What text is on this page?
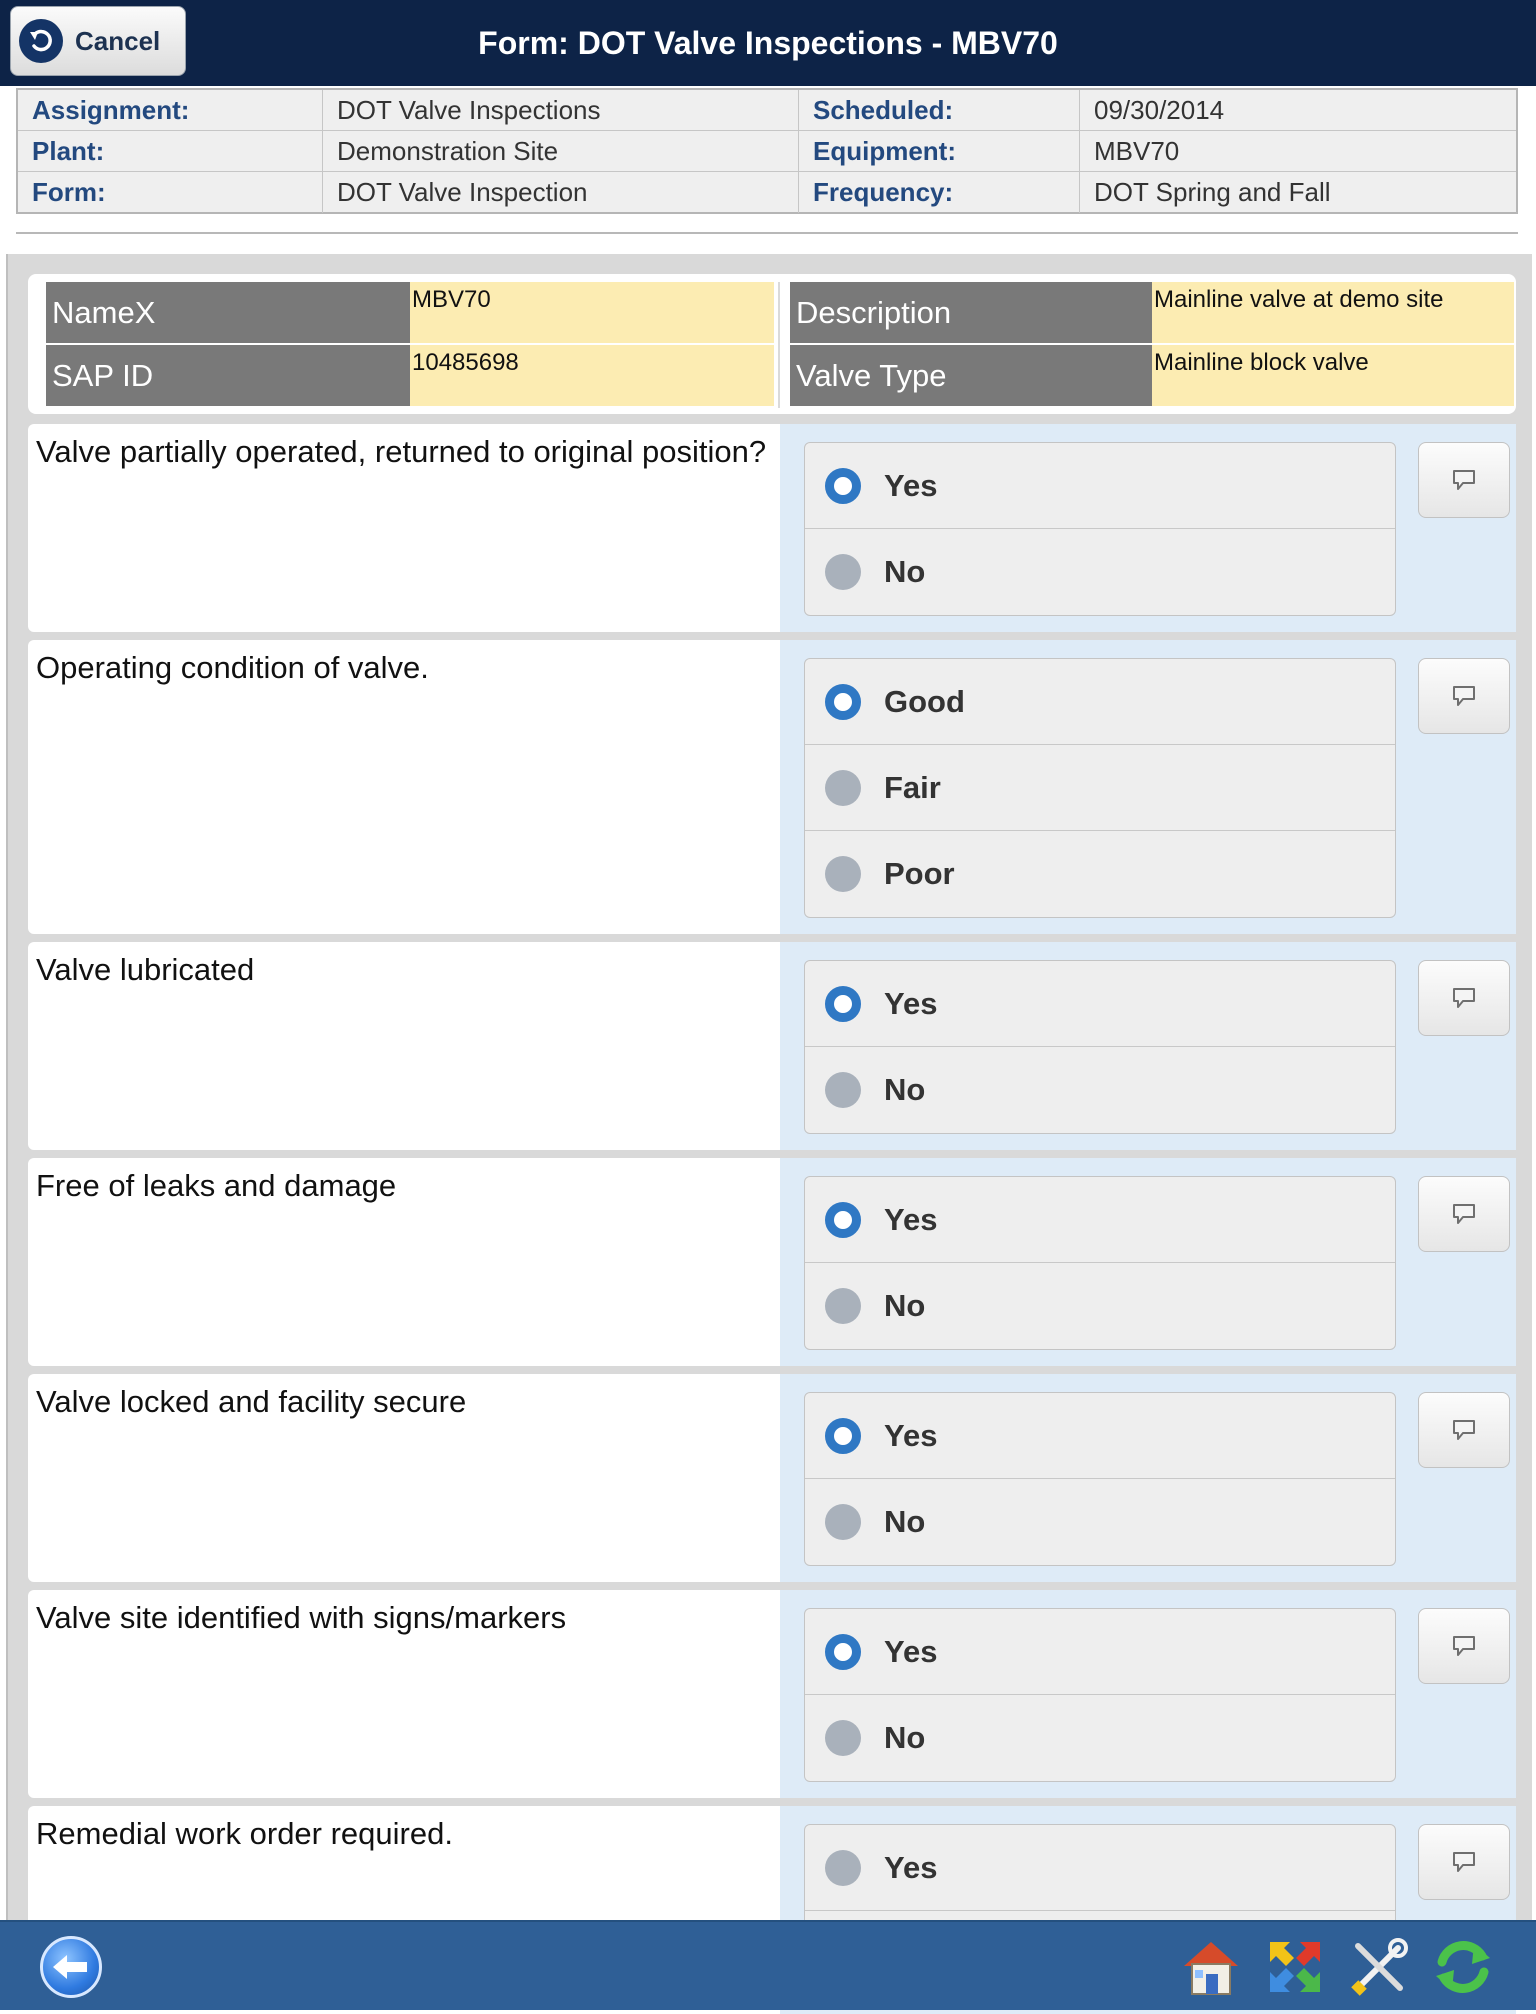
Cancel	Form: DOT Valve Inspections - MBV70
Assignment:	DOT Valve Inspections	Scheduled:	09/30/2014
Plant:	Demonstration Site	Equipment:	MBV70
Form:	DOT Valve Inspection	Frequency:	DOT Spring and Fall
NameX	MBV70
SAP ID	10485698
Description	Mainline valve at demo site
Valve Type	Mainline block valve
Valve partially operated, returned to original position?
Yes
No
Operating condition of valve.
Good
Fair
Poor
Valve lubricated
Yes
No
Free of leaks and damage
Yes
No
Valve locked and facility secure
Yes
No
Valve site identified with signs/markers
Yes
No
Remedial work order required.
Yes
